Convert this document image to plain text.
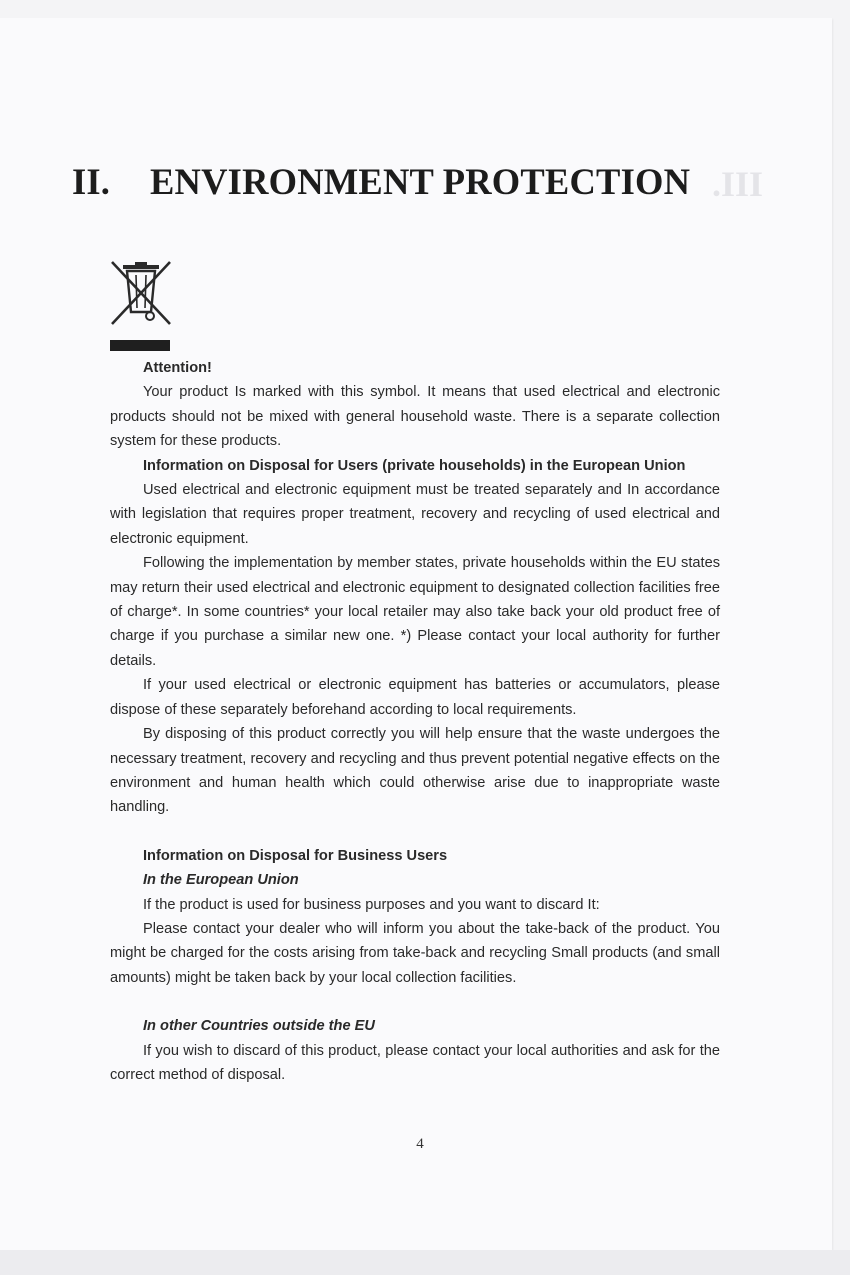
III.
II. ENVIRONMENT PROTECTION
Attention!

Your product Is marked with this symbol. It means that used electrical and electronic products should not be mixed with general household waste. There is a separate collection system for these products.

Information on Disposal for Users (private households) in the European Union

Used electrical and electronic equipment must be treated separately and In accordance with legislation that requires proper treatment, recovery and recycling of used electrical and electronic equipment.

Following the implementation by member states, private households within the EU states may return their used electrical and electronic equipment to designated collection facilities free of charge*. In some countries* your local retailer may also take back your old product free of charge if you purchase a similar new one. *) Please contact your local authority for further details.

If your used electrical or electronic equipment has batteries or accumulators, please dispose of these separately beforehand according to local requirements.

By disposing of this product correctly you will help ensure that the waste undergoes the necessary treatment, recovery and recycling and thus prevent potential negative effects on the environment and human health which could otherwise arise due to inappropriate waste handling.

Information on Disposal for Business Users
In the European Union

If the product is used for business purposes and you want to discard It:

Please contact your dealer who will inform you about the take-back of the product. You might be charged for the costs arising from take-back and recycling Small products (and small amounts) might be taken back by your local collection facilities.

In other Countries outside the EU

If you wish to discard of this product, please contact your local authorities and ask for the correct method of disposal.

4
